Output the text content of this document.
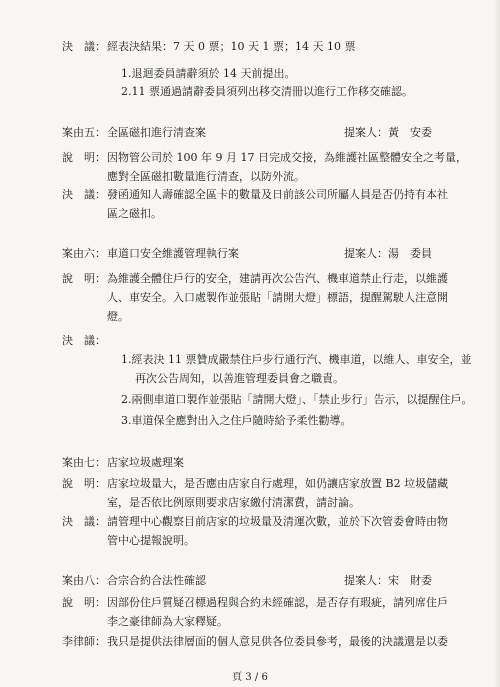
決　議： 經表決結果：7 天 0 票；10 天 1 票；14 天 10 票
1.退迴委員請辭須於 14 天前提出。
2.11 票通過請辭委員須列出移交清冊以進行工作移交確認。
案由五： 全區磁扣進行清查案	提案人：黃　安委
說　明： 因物管公司於 100 年 9 月 17 日完成交接，為維護社區整體安全之考量，
應對全區磁扣數量進行清查，以防外流。
決　議： 發函通知人壽確認全區卡的數量及日前該公司所屬人員是否仍持有本社
區之磁扣。
案由六： 車道口安全維護管理執行案	提案人：湯　委員
說　明： 為維護全體住戶行的安全，建請再次公告汽、機車道禁止行走，以維護
人、車安全。入口處製作並張貼「請開大燈」標語，提醒駕駛人注意開
燈。
決　議：
1.經表決 11 票贊成嚴禁住戶步行通行汽、機車道，以維人、車安全，並
再次公告周知，以善進管理委員會之職責。
2.兩側車道口製作並張貼「請開大燈」、「禁止步行」告示，以提醒住戶。
3.車道保全應對出入之住戶隨時給予柔性勸導。
案由七： 店家垃圾處理案
說　明： 店家垃圾量大，是否應由店家自行處理，如仍讓店家放置 B2 垃圾儲藏
室，是否依比例原則要求店家繳付清潔費，請討論。
決　議： 請管理中心觀察目前店家的垃圾量及清運次數，並於下次管委會時由物
管中心提報說明。
案由八： 合宗合約合法性確認	提案人：宋　財委
說　明： 因部份住戶質疑召標過程與合約未經確認，是否存有瑕疵，請列席住戶
李之豪律師為大家釋疑。
李律師： 我只是提供法律層面的個人意見供各位委員參考，最後的決議還是以委
頁 3 / 6
